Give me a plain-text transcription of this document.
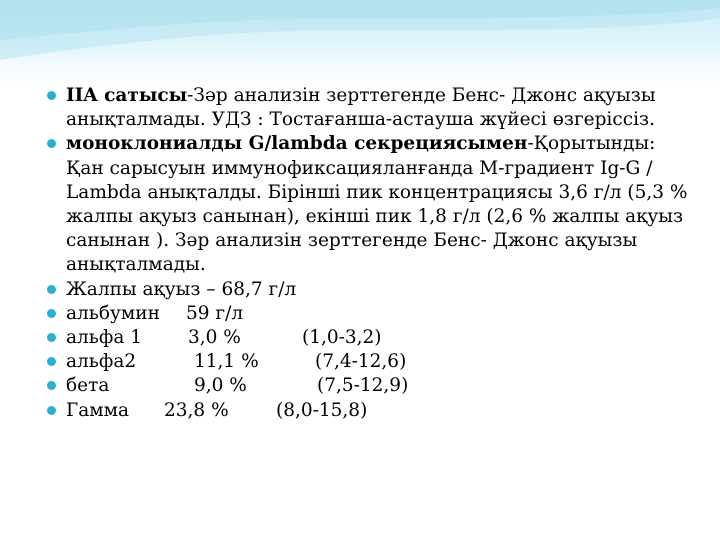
IIA сатысы-Зәр анализін зерттегенде Бенс- Джонс ақуызы анықталмады. УДЗ : Тостағанша-астауша жүйесі өзгеріссіз.
моноклониалды G/lambda секрециясымен-Қорытынды: Қан сарысуын иммунофиксацияланғанда М-градиент Ig-G / Lambda анықталды. Бірінші пик концентрациясы 3,6 г/л (5,3 % жалпы ақуыз санынан), екінші пик 1,8 г/л (2,6 % жалпы ақуыз санынан ). Зәр анализін зерттегенде Бенс- Джонс ақуызы анықталмады.
Жалпы ақуыз – 68,7 г/л
альбумин 59 г/л
альфа 1 3,0 %	(1,0-3,2)
альфа2	11,1 %	(7,4-12,6)
бета	9,0 %	(7,5-12,9)
Гамма 23,8 %	(8,0-15,8)
